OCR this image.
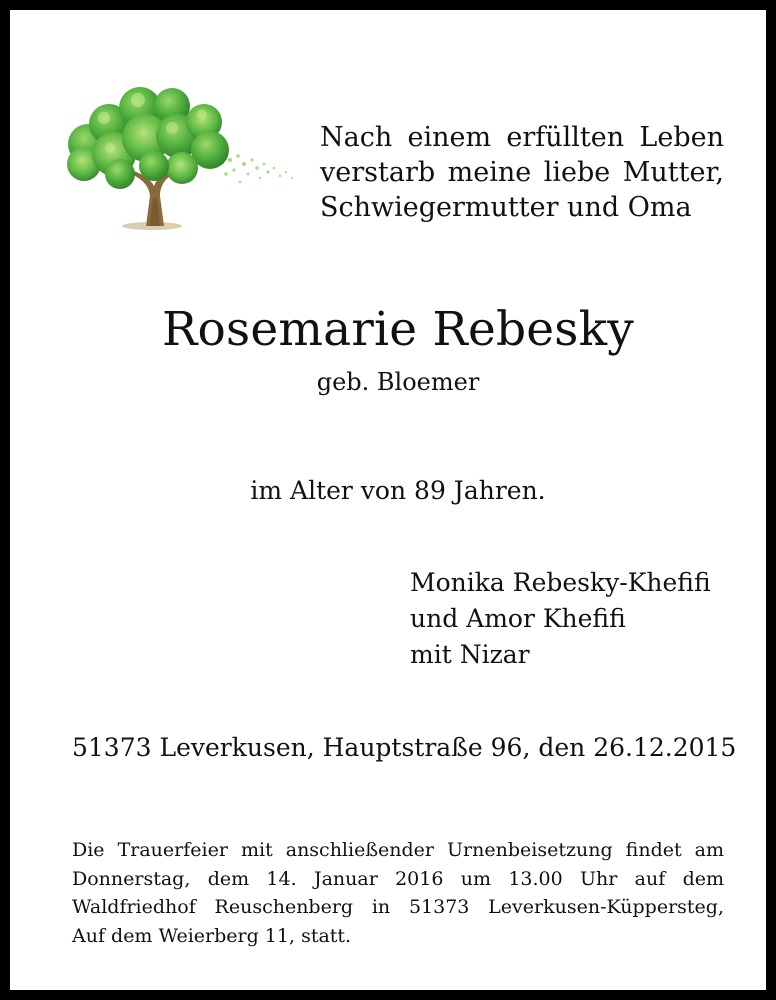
Nach einem erfüllten Leben
verstarb meine liebe Mutter,
Schwiegermutter und Oma
Rosemarie Rebesky
geb. Bloemer
im Alter von 89 Jahren.
Monika Rebesky-Khefifi
und Amor Khefifi
mit Nizar
51373 Leverkusen, Hauptstraße 96, den 26.12.2015
Die Trauerfeier mit anschließender Urnenbeisetzung findet am
Donnerstag, dem 14. Januar 2016 um 13.00 Uhr auf dem
Waldfriedhof Reuschenberg in 51373 Leverkusen-Küppersteg,
Auf dem Weierberg 11, statt.
